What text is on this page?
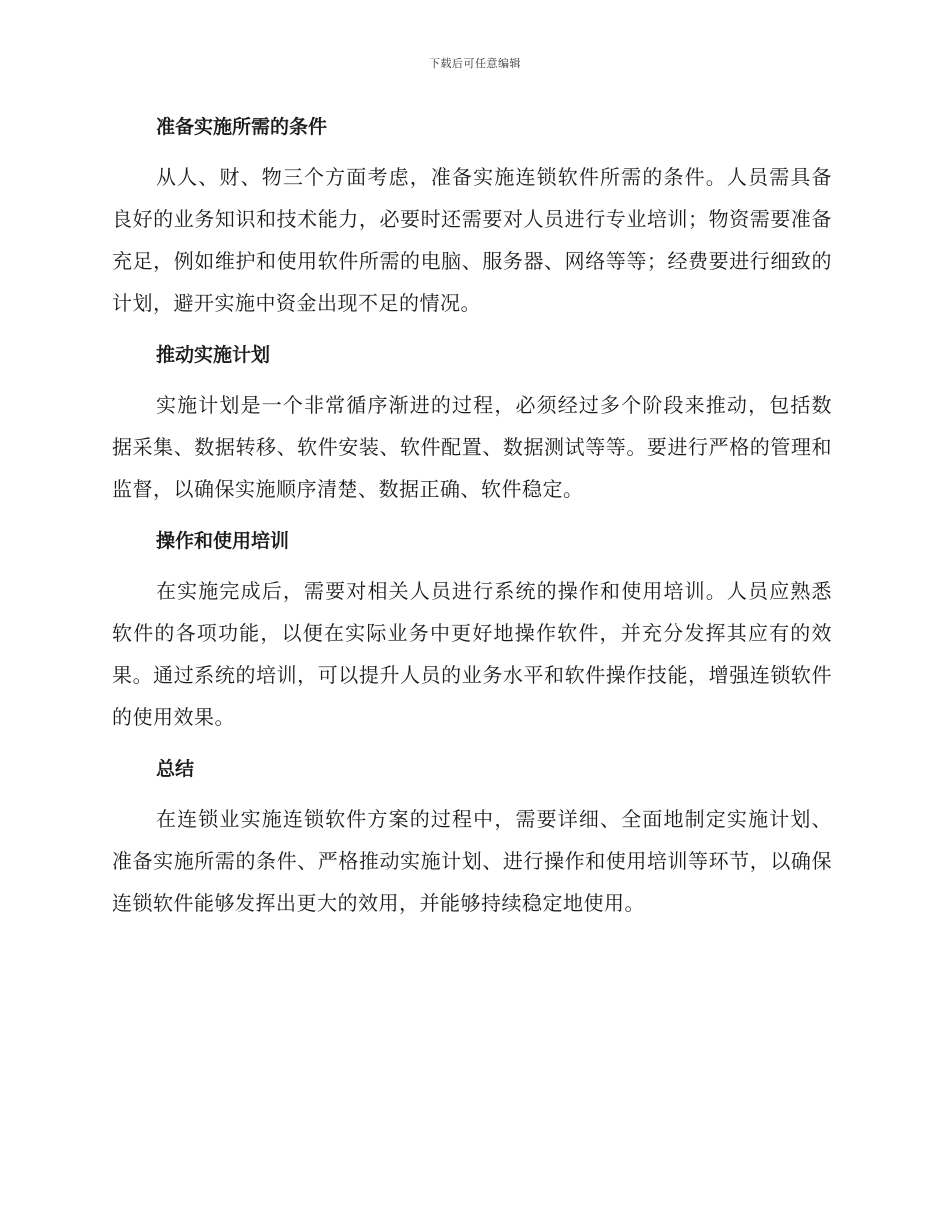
下载后可任意编辑
准备实施所需的条件

从人、财、物三个方面考虑，准备实施连锁软件所需的条件。人员需具备良好的业务知识和技术能力，必要时还需要对人员进行专业培训；物资需要准备充足，例如维护和使用软件所需的电脑、服务器、网络等等；经费要进行细致的计划，避开实施中资金出现不足的情况。

推动实施计划

实施计划是一个非常循序渐进的过程，必须经过多个阶段来推动，包括数据采集、数据转移、软件安装、软件配置、数据测试等等。要进行严格的管理和监督，以确保实施顺序清楚、数据正确、软件稳定。

操作和使用培训

在实施完成后，需要对相关人员进行系统的操作和使用培训。人员应熟悉软件的各项功能，以便在实际业务中更好地操作软件，并充分发挥其应有的效果。通过系统的培训，可以提升人员的业务水平和软件操作技能，增强连锁软件的使用效果。

总结

在连锁业实施连锁软件方案的过程中，需要详细、全面地制定实施计划、准备实施所需的条件、严格推动实施计划、进行操作和使用培训等环节，以确保连锁软件能够发挥出更大的效用，并能够持续稳定地使用。
